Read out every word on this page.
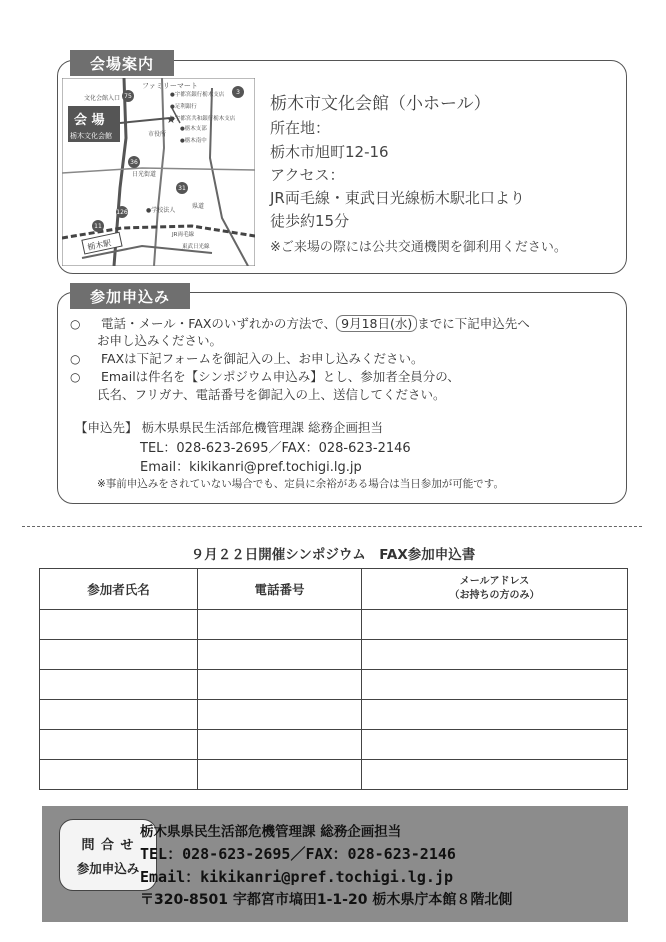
会場案内
会 場
栃木文化会館
★
ファミリーマート
文化会館入口	●宇都宮銀行栃木支店
●足利銀行
●宇都宮共和銀行栃木支店
●栃木支部
●栃木南中
市役所
●学校法人
日光街道
県道
JR両毛線
東武日光線
栃木駅
75
36
31
11
126
3
栃木市文化会館（小ホール）
所在地：
栃木市旭町12-16
アクセス：
JR両毛線・東武日光線栃木駅北口より
徒歩約15分
※ご来場の際には公共交通機関を御利用ください。
参加申込み
○ 電話・メール・FAXのいずれかの方法で、 9月18日(水) までに下記申込先へ
お申し込みください。
○ FAXは下記フォームを御記入の上、お申し込みください。
○ Emailは件名を【シンポジウム申込み】とし、参加者全員分の、
氏名、フリガナ、電話番号を御記入の上、送信してください。
【申込先】 栃木県県民生活部危機管理課 総務企画担当
TEL：028-623-2695／FAX：028-623-2146
Email：kikikanri@pref.tochigi.lg.jp
※事前申込みをされていない場合でも、定員に余裕がある場合は当日参加が可能です。
９月２２日開催シンポジウム　FAX参加申込書
参加者氏名	電話番号	メールアドレス
（お持ちの方のみ）

問 合 せ
参加申込み
栃木県県民生活部危機管理課 総務企画担当
TEL：028-623-2695／FAX：028-623-2146
Email：kikikanri@pref.tochigi.lg.jp
〒320-8501 宇都宮市塙田1-1-20 栃木県庁本館８階北側
